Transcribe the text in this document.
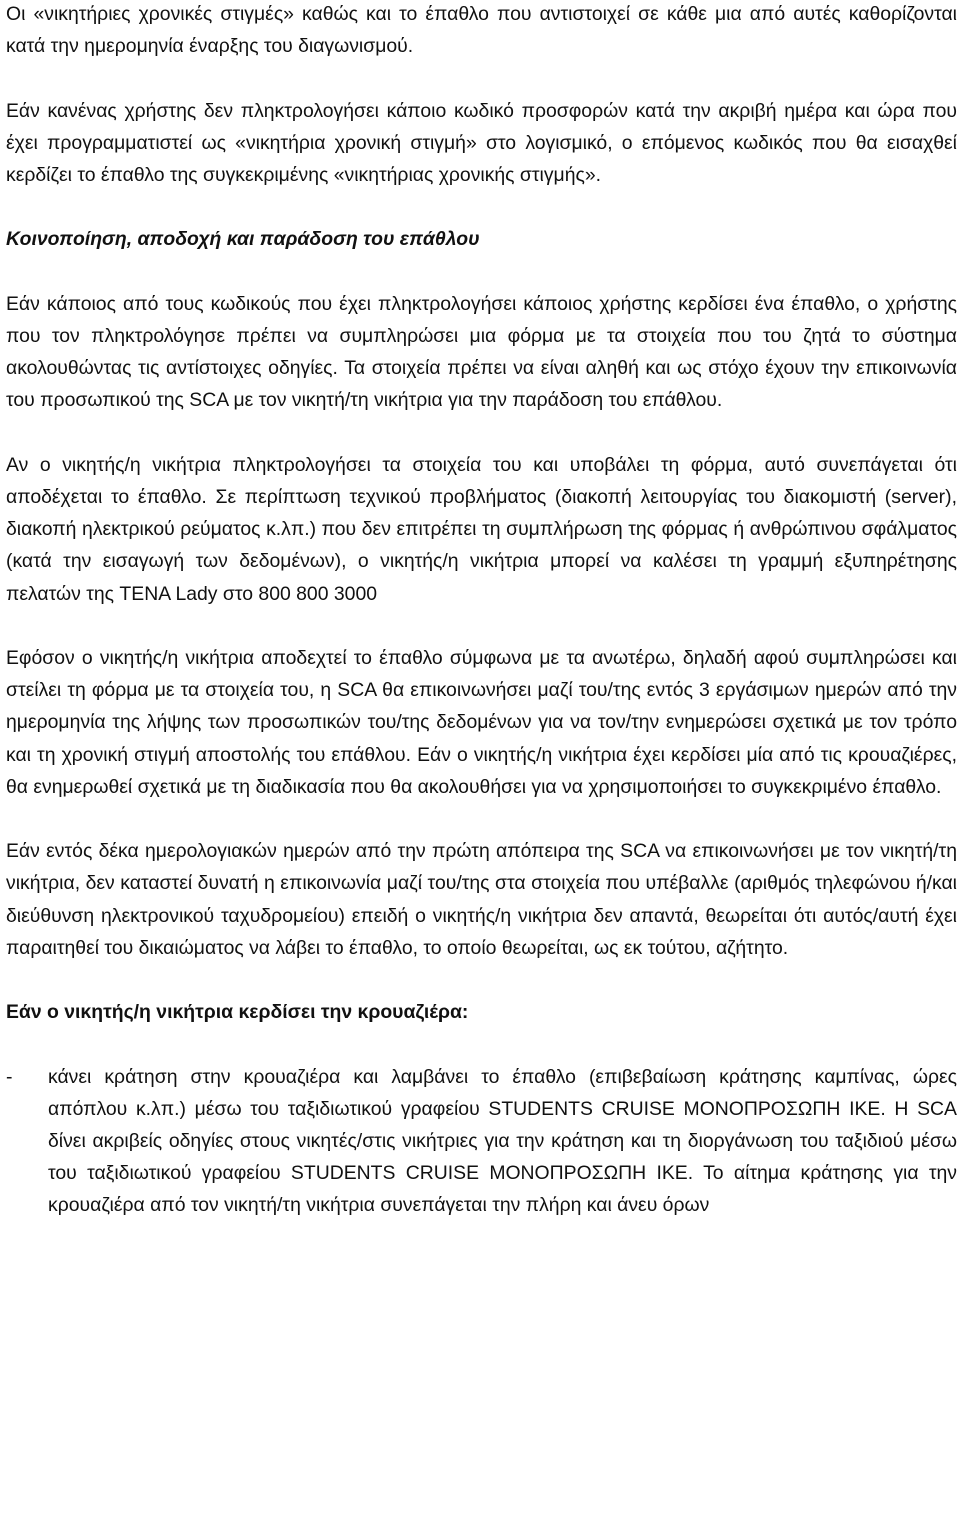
Οι «νικητήριες χρονικές στιγμές» καθώς και το έπαθλο που αντιστοιχεί σε κάθε μια από αυτές καθορίζονται κατά την ημερομηνία έναρξης του διαγωνισμού.

Εάν κανένας χρήστης δεν πληκτρολογήσει κάποιο κωδικό προσφορών κατά την ακριβή ημέρα και ώρα που έχει προγραμματιστεί ως «νικητήρια χρονική στιγμή» στο λογισμικό, ο επόμενος κωδικός που θα εισαχθεί κερδίζει το έπαθλο της συγκεκριμένης «νικητήριας χρονικής στιγμής».

Κοινοποίηση, αποδοχή και παράδοση του επάθλου

Εάν κάποιος από τους κωδικούς που έχει πληκτρολογήσει κάποιος χρήστης κερδίσει ένα έπαθλο, ο χρήστης που τον πληκτρολόγησε πρέπει να συμπληρώσει μια φόρμα με τα στοιχεία που του ζητά το σύστημα ακολουθώντας τις αντίστοιχες οδηγίες. Τα στοιχεία πρέπει να είναι αληθή και ως στόχο έχουν την επικοινωνία του προσωπικού της SCA με τον νικητή/τη νικήτρια για την παράδοση του επάθλου.

Αν ο νικητής/η νικήτρια πληκτρολογήσει τα στοιχεία του και υποβάλει τη φόρμα, αυτό συνεπάγεται ότι αποδέχεται το έπαθλο. Σε περίπτωση τεχνικού προβλήματος (διακοπή λειτουργίας του διακομιστή (server), διακοπή ηλεκτρικού ρεύματος κ.λπ.) που δεν επιτρέπει τη συμπλήρωση της φόρμας ή ανθρώπινου σφάλματος (κατά την εισαγωγή των δεδομένων), ο νικητής/η νικήτρια μπορεί να καλέσει τη γραμμή εξυπηρέτησης πελατών της TENA Lady στο 800 800 3000

Εφόσον ο νικητής/η νικήτρια αποδεχτεί το έπαθλο σύμφωνα με τα ανωτέρω, δηλαδή αφού συμπληρώσει και στείλει τη φόρμα με τα στοιχεία του, η SCA θα επικοινωνήσει μαζί του/της εντός 3 εργάσιμων ημερών από την ημερομηνία της λήψης των προσωπικών του/της δεδομένων για να τον/την ενημερώσει σχετικά με τον τρόπο και τη χρονική στιγμή αποστολής του επάθλου. Εάν ο νικητής/η νικήτρια έχει κερδίσει μία από τις κρουαζιέρες, θα ενημερωθεί σχετικά με τη διαδικασία που θα ακολουθήσει για να χρησιμοποιήσει το συγκεκριμένο έπαθλο.

Εάν εντός δέκα ημερολογιακών ημερών από την πρώτη απόπειρα της SCA να επικοινωνήσει με τον νικητή/τη νικήτρια, δεν καταστεί δυνατή η επικοινωνία μαζί του/της στα στοιχεία που υπέβαλλε (αριθμός τηλεφώνου ή/και διεύθυνση ηλεκτρονικού ταχυδρομείου) επειδή ο νικητής/η νικήτρια δεν απαντά, θεωρείται ότι αυτός/αυτή έχει παραιτηθεί του δικαιώματος να λάβει το έπαθλο, το οποίο θεωρείται, ως εκ τούτου, αζήτητο.

Εάν ο νικητής/η νικήτρια κερδίσει την κρουαζιέρα:

-	κάνει κράτηση στην κρουαζιέρα και λαμβάνει το έπαθλο (επιβεβαίωση κράτησης καμπίνας, ώρες απόπλου κ.λπ.) μέσω του ταξιδιωτικού γραφείου STUDENTS CRUISE ΜΟΝΟΠΡΟΣΩΠΗ ΙΚΕ. Η SCA δίνει ακριβείς οδηγίες στους νικητές/στις νικήτριες για την κράτηση και τη διοργάνωση του ταξιδιού μέσω του ταξιδιωτικού γραφείου STUDENTS CRUISE ΜΟΝΟΠΡΟΣΩΠΗ ΙΚΕ. Το αίτημα κράτησης για την κρουαζιέρα από τον νικητή/τη νικήτρια συνεπάγεται την πλήρη και άνευ όρων
